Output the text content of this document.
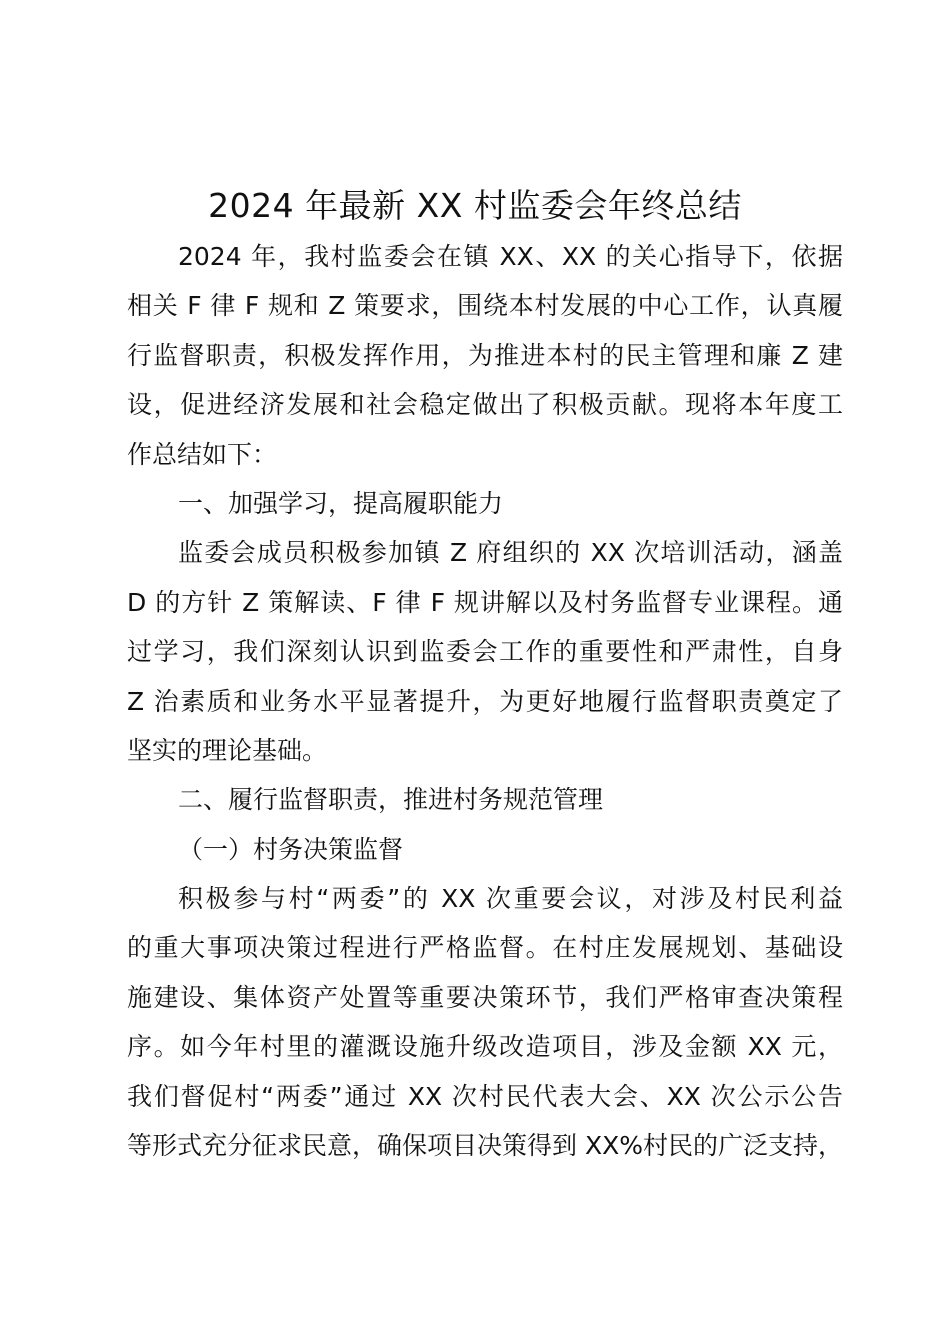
2024 年最新 XX 村监委会年终总结
2024 年，我村监委会在镇 XX、XX 的关心指导下，依据
相关 F 律 F 规和 Z 策要求，围绕本村发展的中心工作，认真履
行监督职责，积极发挥作用，为推进本村的民主管理和廉 Z 建
设，促进经济发展和社会稳定做出了积极贡献。现将本年度工
作总结如下：
一、加强学习，提高履职能力
监委会成员积极参加镇 Z 府组织的 XX 次培训活动，涵盖
D 的方针 Z 策解读、F 律 F 规讲解以及村务监督专业课程。通
过学习，我们深刻认识到监委会工作的重要性和严肃性，自身
Z 治素质和业务水平显著提升，为更好地履行监督职责奠定了
坚实的理论基础。
二、履行监督职责，推进村务规范管理
（一）村务决策监督
积极参与村“两委”的 XX 次重要会议，对涉及村民利益
的重大事项决策过程进行严格监督。在村庄发展规划、基础设
施建设、集体资产处置等重要决策环节，我们严格审查决策程
序。如今年村里的灌溉设施升级改造项目，涉及金额 XX 元，
我们督促村“两委”通过 XX 次村民代表大会、XX 次公示公告
等形式充分征求民意，确保项目决策得到 XX%村民的广泛支持，
